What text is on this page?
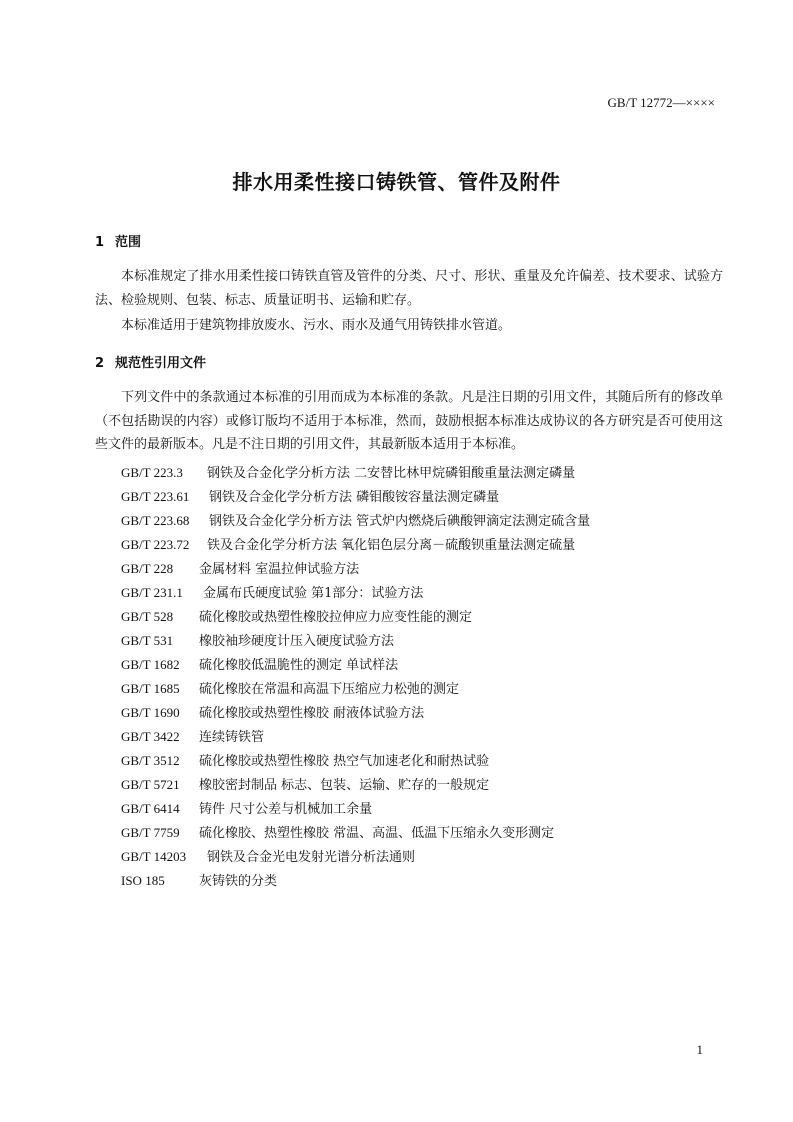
GB/T 12772—××××
排水用柔性接口铸铁管、管件及附件
1 范围
本标准规定了排水用柔性接口铸铁直管及管件的分类、尺寸、形状、重量及允许偏差、技术要求、试验方法、检验规则、包装、标志、质量证明书、运输和贮存。
本标准适用于建筑物排放废水、污水、雨水及通气用铸铁排水管道。
2 规范性引用文件
下列文件中的条款通过本标准的引用而成为本标准的条款。凡是注日期的引用文件，其随后所有的修改单（不包括勘误的内容）或修订版均不适用于本标准，然而，鼓励根据本标准达成协议的各方研究是否可使用这些文件的最新版本。凡是不注日期的引用文件，其最新版本适用于本标准。
GB/T 223.3 钢铁及合金化学分析方法 二安替比林甲烷磷钼酸重量法测定磷量
GB/T 223.61 钢铁及合金化学分析方法 磷钼酸铵容量法测定磷量
GB/T 223.68 钢铁及合金化学分析方法 管式炉内燃烧后碘酸钾滴定法测定硫含量
GB/T 223.72 铁及合金化学分析方法 氧化铝色层分离－硫酸钡重量法测定硫量
GB/T 228 金属材料 室温拉伸试验方法
GB/T 231.1 金属布氏硬度试验 第1部分：试验方法
GB/T 528 硫化橡胶或热塑性橡胶拉伸应力应变性能的测定
GB/T 531 橡胶袖珍硬度计压入硬度试验方法
GB/T 1682 硫化橡胶低温脆性的测定 单试样法
GB/T 1685 硫化橡胶在常温和高温下压缩应力松弛的测定
GB/T 1690 硫化橡胶或热塑性橡胶 耐液体试验方法
GB/T 3422 连续铸铁管
GB/T 3512 硫化橡胶或热塑性橡胶 热空气加速老化和耐热试验
GB/T 5721 橡胶密封制品 标志、包装、运输、贮存的一般规定
GB/T 6414 铸件 尺寸公差与机械加工余量
GB/T 7759 硫化橡胶、热塑性橡胶 常温、高温、低温下压缩永久变形测定
GB/T 14203 钢铁及合金光电发射光谱分析法通则
ISO 185	灰铸铁的分类
1
